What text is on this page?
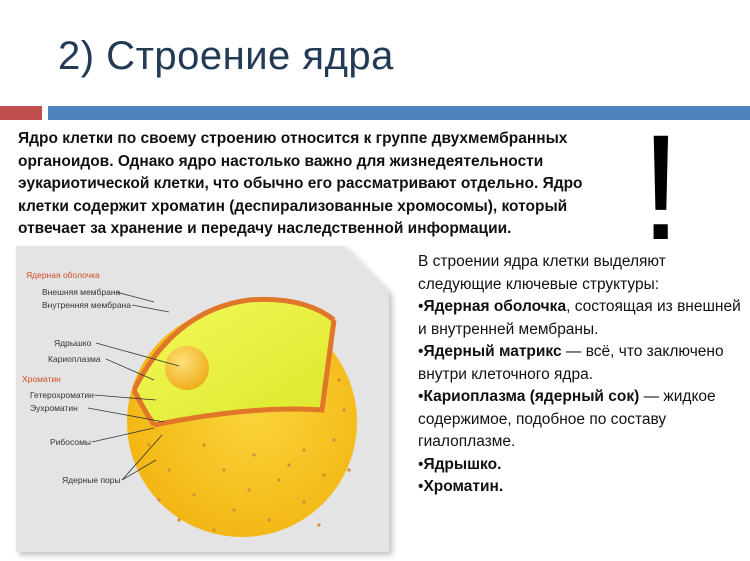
2) Строение ядра
Ядро клетки по своему строению относится к группе двухмембранных органоидов. Однако ядро настолько важно для жизнедеятельности эукариотической клетки, что обычно его рассматривают отдельно. Ядро клетки содержит хроматин (деспирализованные хромосомы), который отвечает за хранение и передачу наследственной информации. !

В строении ядра клетки выделяют следующие ключевые структуры:

•Ядерная оболочка, состоящая из внешней и внутренней мембраны.

•Ядерный матрикс — всё, что заключено внутри клеточного ядра.

•Кариоплазма (ядерный сок) — жидкое содержимое, подобное по составу гиалоплазме.

•Ядрышко.

•Хроматин.

Ядерная оболочка
Внешняя мембрана
Внутренняя мембрана
Ядрышко
Кариоплазма
Хроматин
Гетерохроматин
Эухроматин
Рибосомы
Ядерные поры
